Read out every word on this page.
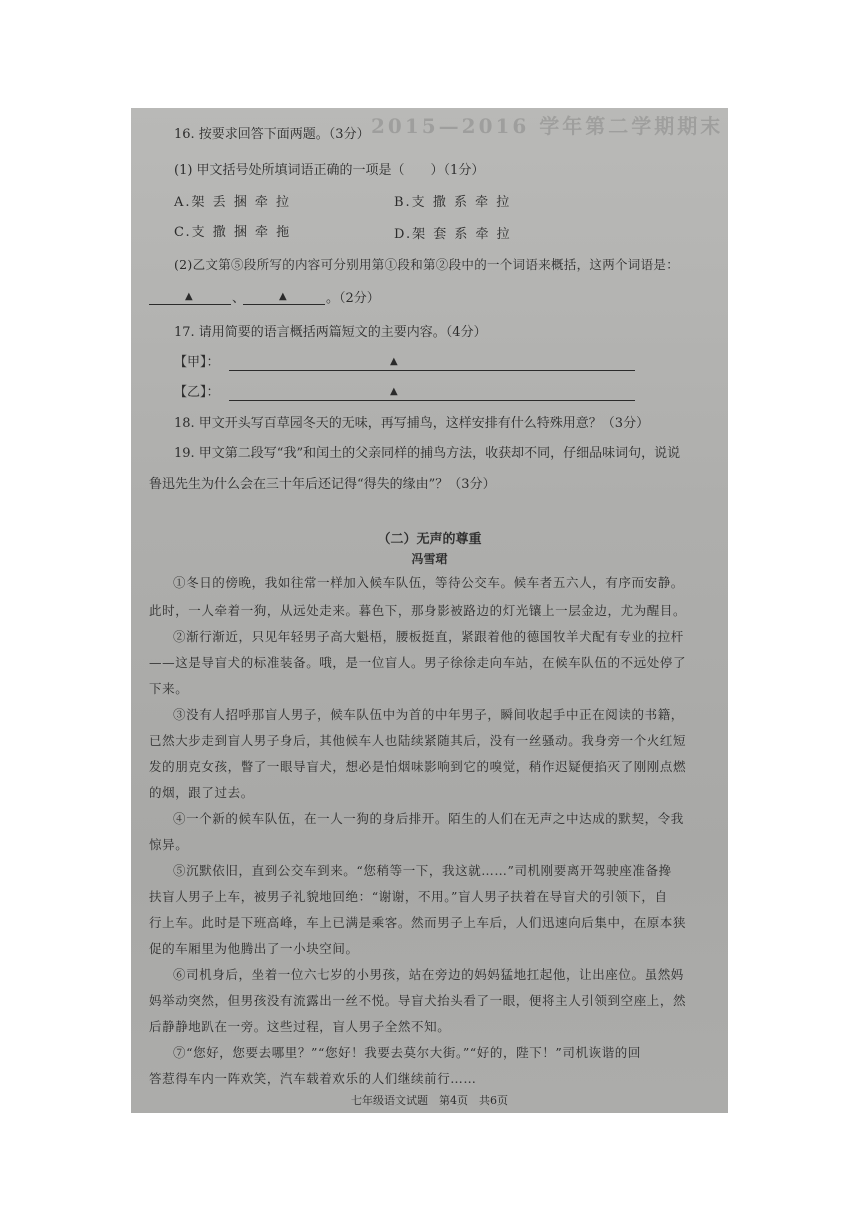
2015—2016 学年第二学期期末
16. 按要求回答下面两题。（3分）
(1) 甲文括号处所填词语正确的一项是（　　）（1分）
A.架 丢 捆 牵 拉	B.支 撒 系 牵 拉
C.支 撒 捆 牵 拖	D.架 套 系 牵 拉
(2)乙文第⑤段所写的内容可分别用第①段和第②段中的一个词语来概括，这两个词语是：
▲	、	▲	。（2分）
17. 请用简要的语言概括两篇短文的主要内容。（4分）
【甲】：	▲
【乙】：	▲
18. 甲文开头写百草园冬天的无味，再写捕鸟，这样安排有什么特殊用意？（3分）
19. 甲文第二段写“我”和闰土的父亲同样的捕鸟方法，收获却不同，仔细品味词句，说说
鲁迅先生为什么会在三十年后还记得“得失的缘由”？（3分）
（二）无声的尊重
冯雪珺
①冬日的傍晚，我如往常一样加入候车队伍，等待公交车。候车者五六人，有序而安静。
此时，一人牵着一狗，从远处走来。暮色下，那身影被路边的灯光镶上一层金边，尤为醒目。
②渐行渐近，只见年轻男子高大魁梧，腰板挺直，紧跟着他的德国牧羊犬配有专业的拉杆
——这是导盲犬的标准装备。哦，是一位盲人。男子徐徐走向车站，在候车队伍的不远处停了
下来。
③没有人招呼那盲人男子，候车队伍中为首的中年男子，瞬间收起手中正在阅读的书籍，
已然大步走到盲人男子身后，其他候车人也陆续紧随其后，没有一丝骚动。我身旁一个火红短
发的朋克女孩，瞥了一眼导盲犬，想必是怕烟味影响到它的嗅觉，稍作迟疑便掐灭了刚刚点燃
的烟，跟了过去。
④一个新的候车队伍，在一人一狗的身后排开。陌生的人们在无声之中达成的默契，令我
惊异。
⑤沉默依旧，直到公交车到来。“您稍等一下，我这就……”司机刚要离开驾驶座准备搀
扶盲人男子上车，被男子礼貌地回绝：“谢谢，不用。”盲人男子扶着在导盲犬的引领下，自
行上车。此时是下班高峰，车上已满是乘客。然而男子上车后，人们迅速向后集中，在原本狭
促的车厢里为他腾出了一小块空间。
⑥司机身后，坐着一位六七岁的小男孩，站在旁边的妈妈猛地扛起他，让出座位。虽然妈
妈举动突然，但男孩没有流露出一丝不悦。导盲犬抬头看了一眼，便将主人引领到空座上，然
后静静地趴在一旁。这些过程，盲人男子全然不知。
⑦“您好，您要去哪里？”“您好！我要去莫尔大街。”“好的，陛下！”司机诙谐的回
答惹得车内一阵欢笑，汽车载着欢乐的人们继续前行……
七年级语文试题　第4页　共6页
